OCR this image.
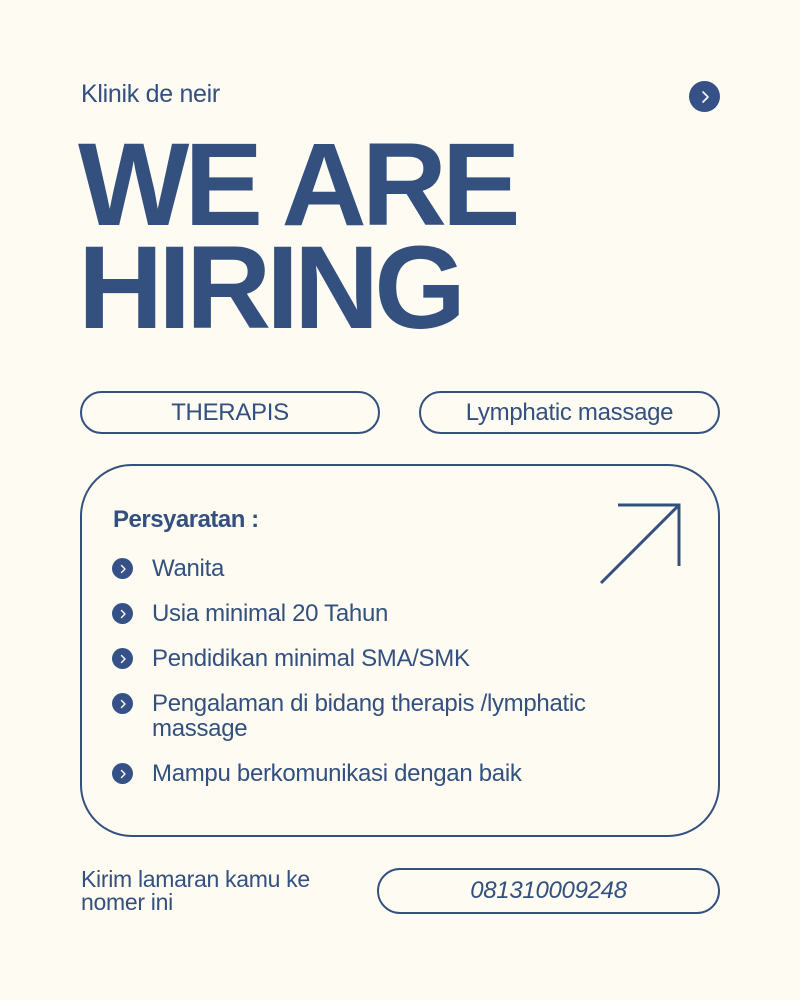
Klinik de neir
WE ARE
HIRING
THERAPIS	Lymphatic massage
Persyaratan :
Wanita
Usia minimal 20 Tahun
Pendidikan minimal SMA/SMK
Pengalaman di bidang therapis /lymphatic massage
Mampu berkomunikasi dengan baik
Kirim lamaran kamu ke nomer ini	081310009248
